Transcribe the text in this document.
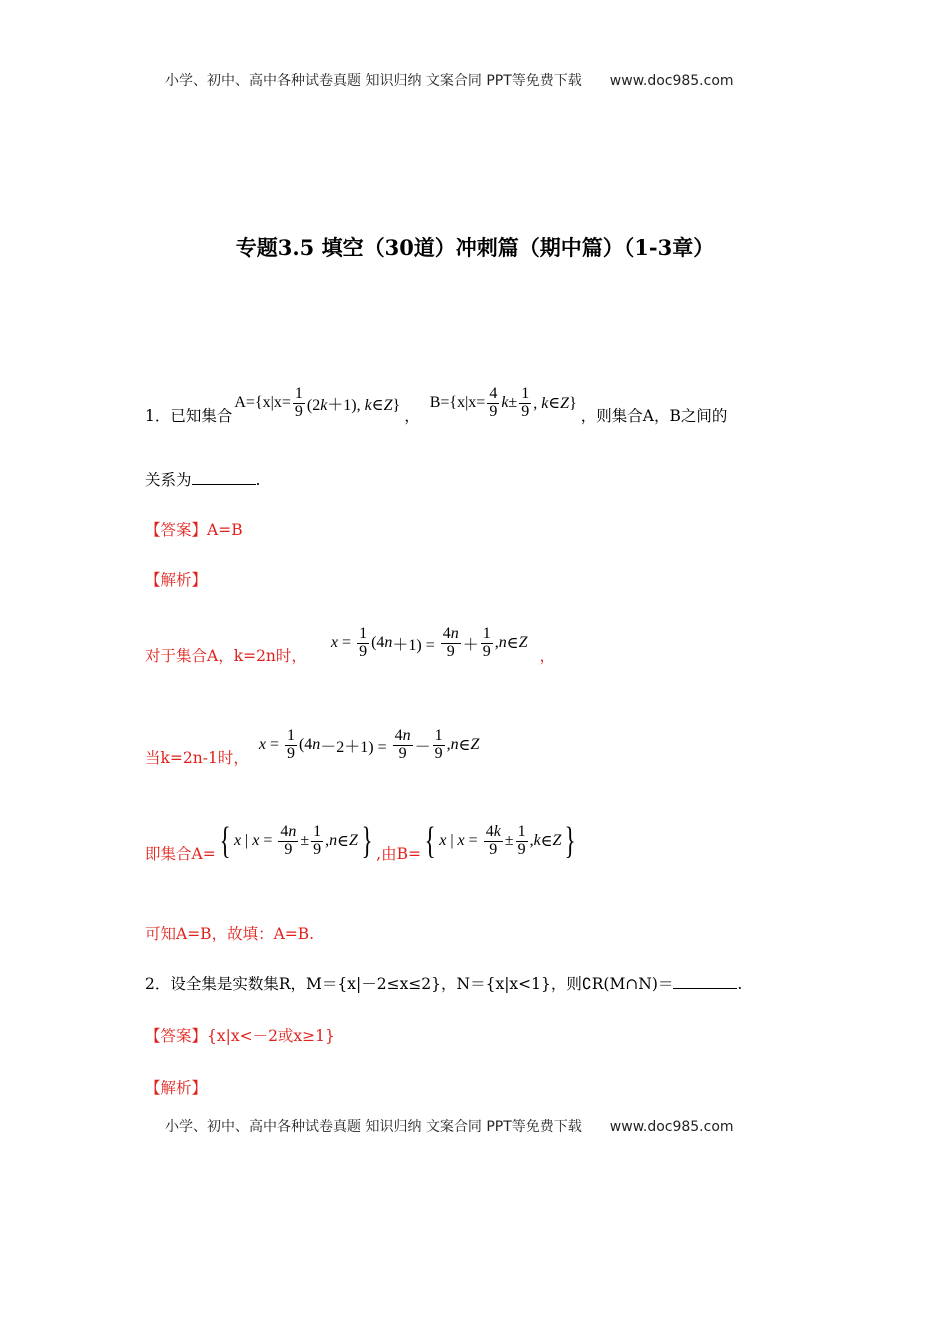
小学、初中、高中各种试卷真题 知识归纳 文案合同 PPT等免费下载 www.doc985.com
专题3.5 填空（30道）冲刺篇（期中篇）（1-3章）
1．已知集合
$A=\{x|x= \frac{1}{9} (2k+1)$, k∈Z}
，
$B=\{x|x= \frac{4}{9} k\pm \frac{1}{9}$ , k∈Z}
，则集合A，B之间的
关系为	.
【答案】A=B
【解析】
对于集合A，k=2n时，
$x = \frac{1}{9} (4$ $n +1) = \frac{4n}{9} + \frac{1}{9}$ , n ∈ Z
，
当k=2n-1时，
$x = \frac{1}{9} (4$ $n -2+1) = \frac{4n}{9} - \frac{1}{9}$ , n ∈ Z
即集合A= { x | $x = \frac{4n}{9} \pm \frac{1}{9}$ , n ∈ Z } ,由B= { x | $x = \frac{4k}{9} \pm \frac{1}{9}$ , k ∈ Z }
可知A=B，故填：A=B.
2．设全集是实数集R，M＝{x|－2≤x≤2}，N＝{x|x<1}，则∁R(M∩N)＝	.
【答案】{x|x<－2或x≥1}
【解析】
小学、初中、高中各种试卷真题 知识归纳 文案合同 PPT等免费下载 www.doc985.com
